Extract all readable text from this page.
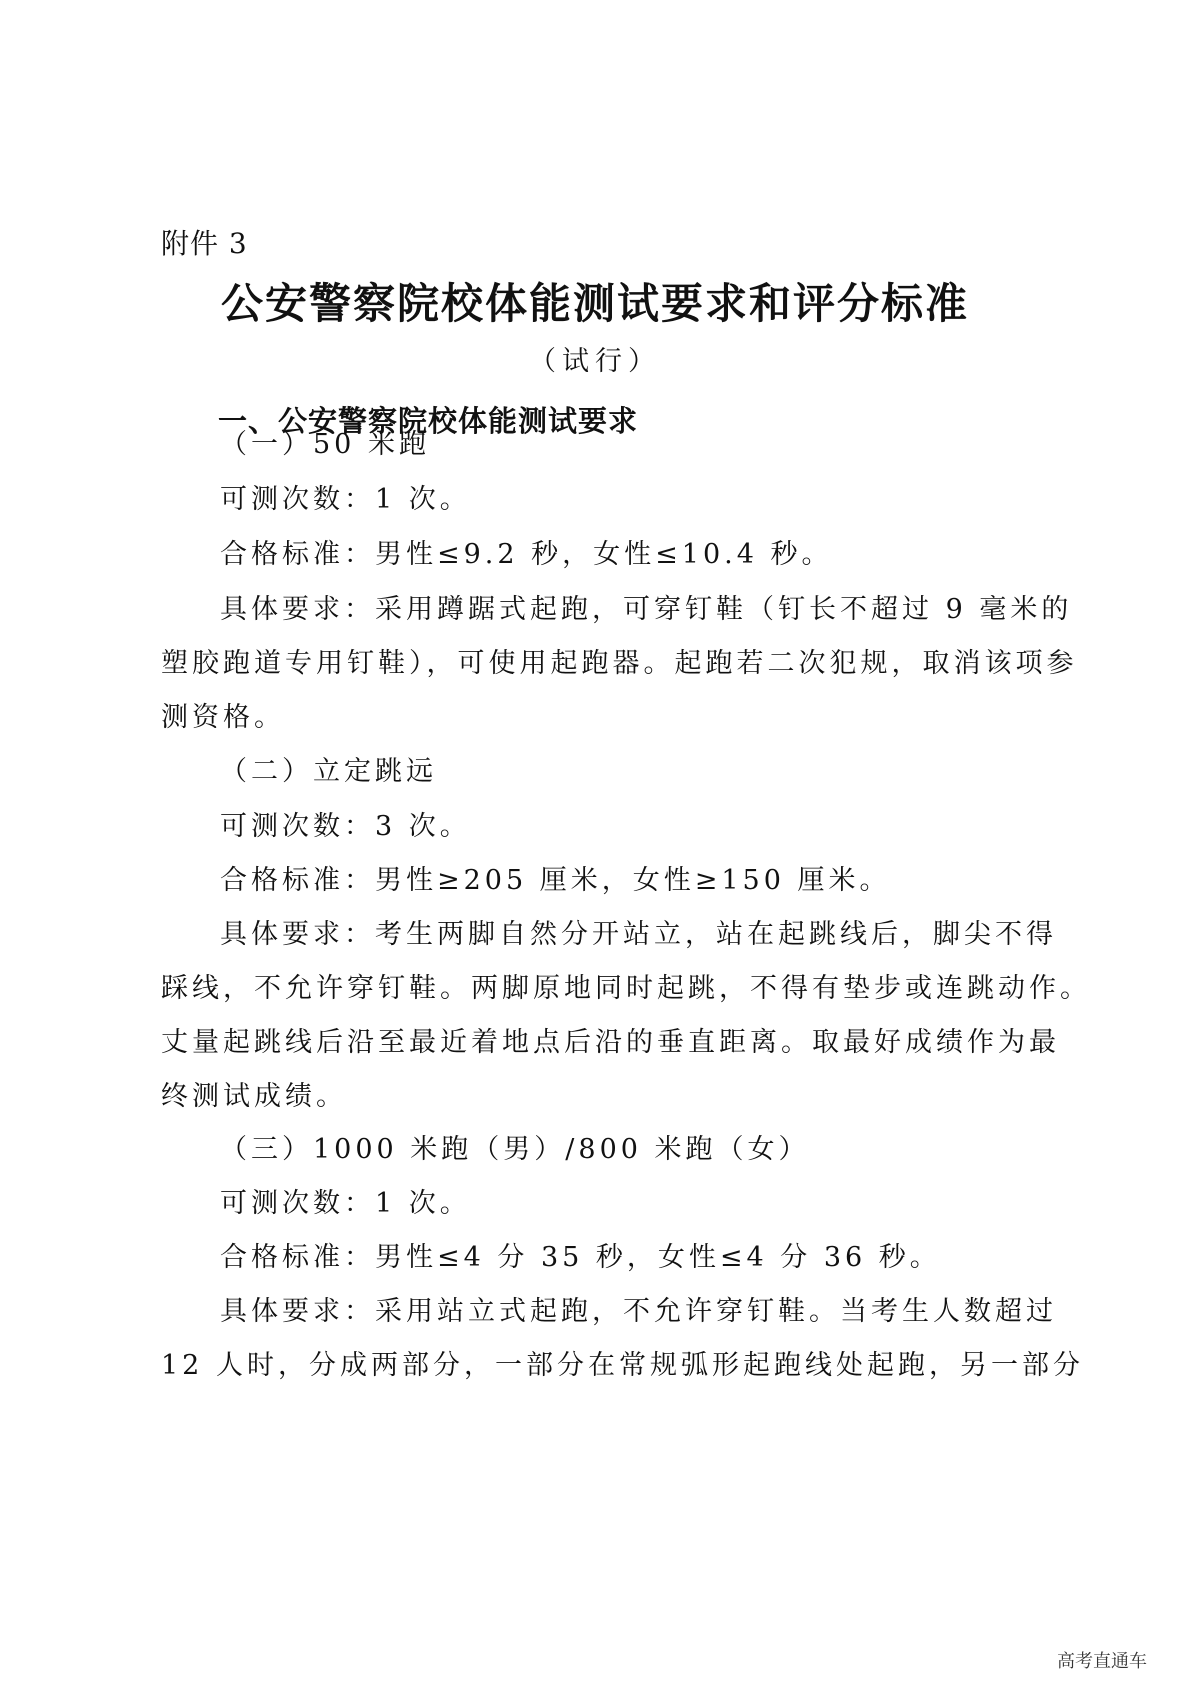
附件 3
公安警察院校体能测试要求和评分标准
（试行）
一、公安警察院校体能测试要求
（一）50 米跑
可测次数：1 次。
合格标准：男性≤9.2 秒，女性≤10.4 秒。
具体要求：采用蹲踞式起跑，可穿钉鞋（钉长不超过 9 毫米的
塑胶跑道专用钉鞋），可使用起跑器。起跑若二次犯规，取消该项参
测资格。
（二）立定跳远
可测次数：3 次。
合格标准：男性≥205 厘米，女性≥150 厘米。
具体要求：考生两脚自然分开站立，站在起跳线后，脚尖不得
踩线，不允许穿钉鞋。两脚原地同时起跳，不得有垫步或连跳动作。
丈量起跳线后沿至最近着地点后沿的垂直距离。取最好成绩作为最
终测试成绩。
（三）1000 米跑（男）/800 米跑（女）
可测次数：1 次。
合格标准：男性≤4 分 35 秒，女性≤4 分 36 秒。
具体要求：采用站立式起跑，不允许穿钉鞋。当考生人数超过
12 人时，分成两部分，一部分在常规弧形起跑线处起跑，另一部分
高考直通车
